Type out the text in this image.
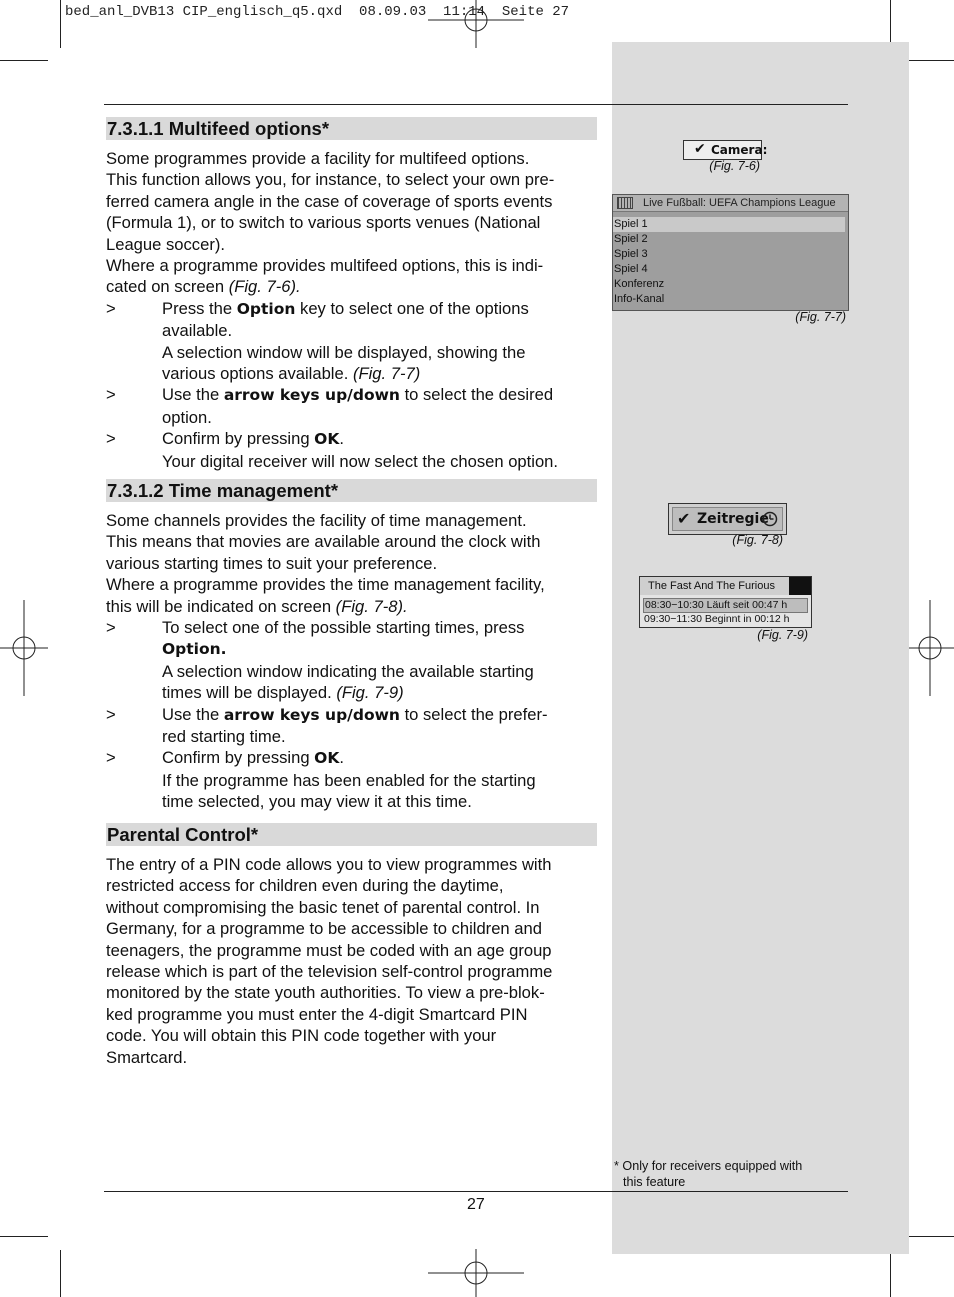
bed_anl_DVB13 CIP_englisch_q5.qxd  08.09.03  11:14  Seite 27
7.3.1.1 Multifeed options*

Some programmes provide a facility for multifeed options.

This function allows you, for instance, to select your own pre-

ferred camera angle in the case of coverage of sports events

(Formula 1), or to switch to various sports venues (National

League soccer).

Where a programme provides multifeed options, this is indi-

cated on screen (Fig. 7-6).

>	Press the Option key to select one of the options

available.

A selection window will be displayed, showing the

various options available. (Fig. 7-7)

>	Use the arrow keys up/down to select the desired

option.

>	Confirm by pressing OK.

Your digital receiver will now select the chosen option.

7.3.1.2 Time management*

Some channels provides the facility of time management.

This means that movies are available around the clock with

various starting times to suit your preference.

Where a programme provides the time management facility,

this will be indicated on screen (Fig. 7-8).

>	To select one of the possible starting times, press

Option.

A selection window indicating the available starting

times will be displayed. (Fig. 7-9)

>	Use the arrow keys up/down to select the prefer-

red starting time.

>	Confirm by pressing OK.

If the programme has been enabled for the starting

time selected, you may view it at this time.

Parental Control*

The entry of a PIN code allows you to view programmes with

restricted access for children even during the daytime,

without compromising the basic tenet of parental control. In

Germany, for a programme to be accessible to children and

teenagers, the programme must be coded with an age group

release which is part of the television self-control programme

monitored by the state youth authorities. To view a pre-blok-

ked programme you must enter the 4-digit Smartcard PIN

code. You will obtain this PIN code together with your

Smartcard.

✔ Camera:
(Fig. 7-6)
Live Fußball: UEFA Champions League
Spiel 1
Spiel 2
Spiel 3
Spiel 4
Konferenz
Info-Kanal
(Fig. 7-7)
✔ Zeitregie
(Fig. 7-8)
The Fast And The Furious
08:30−10:30 Läuft seit 00:47 h
09:30−11:30 Beginnt in 00:12 h
(Fig. 7-9)
* Only for receivers equipped with
this feature
27
